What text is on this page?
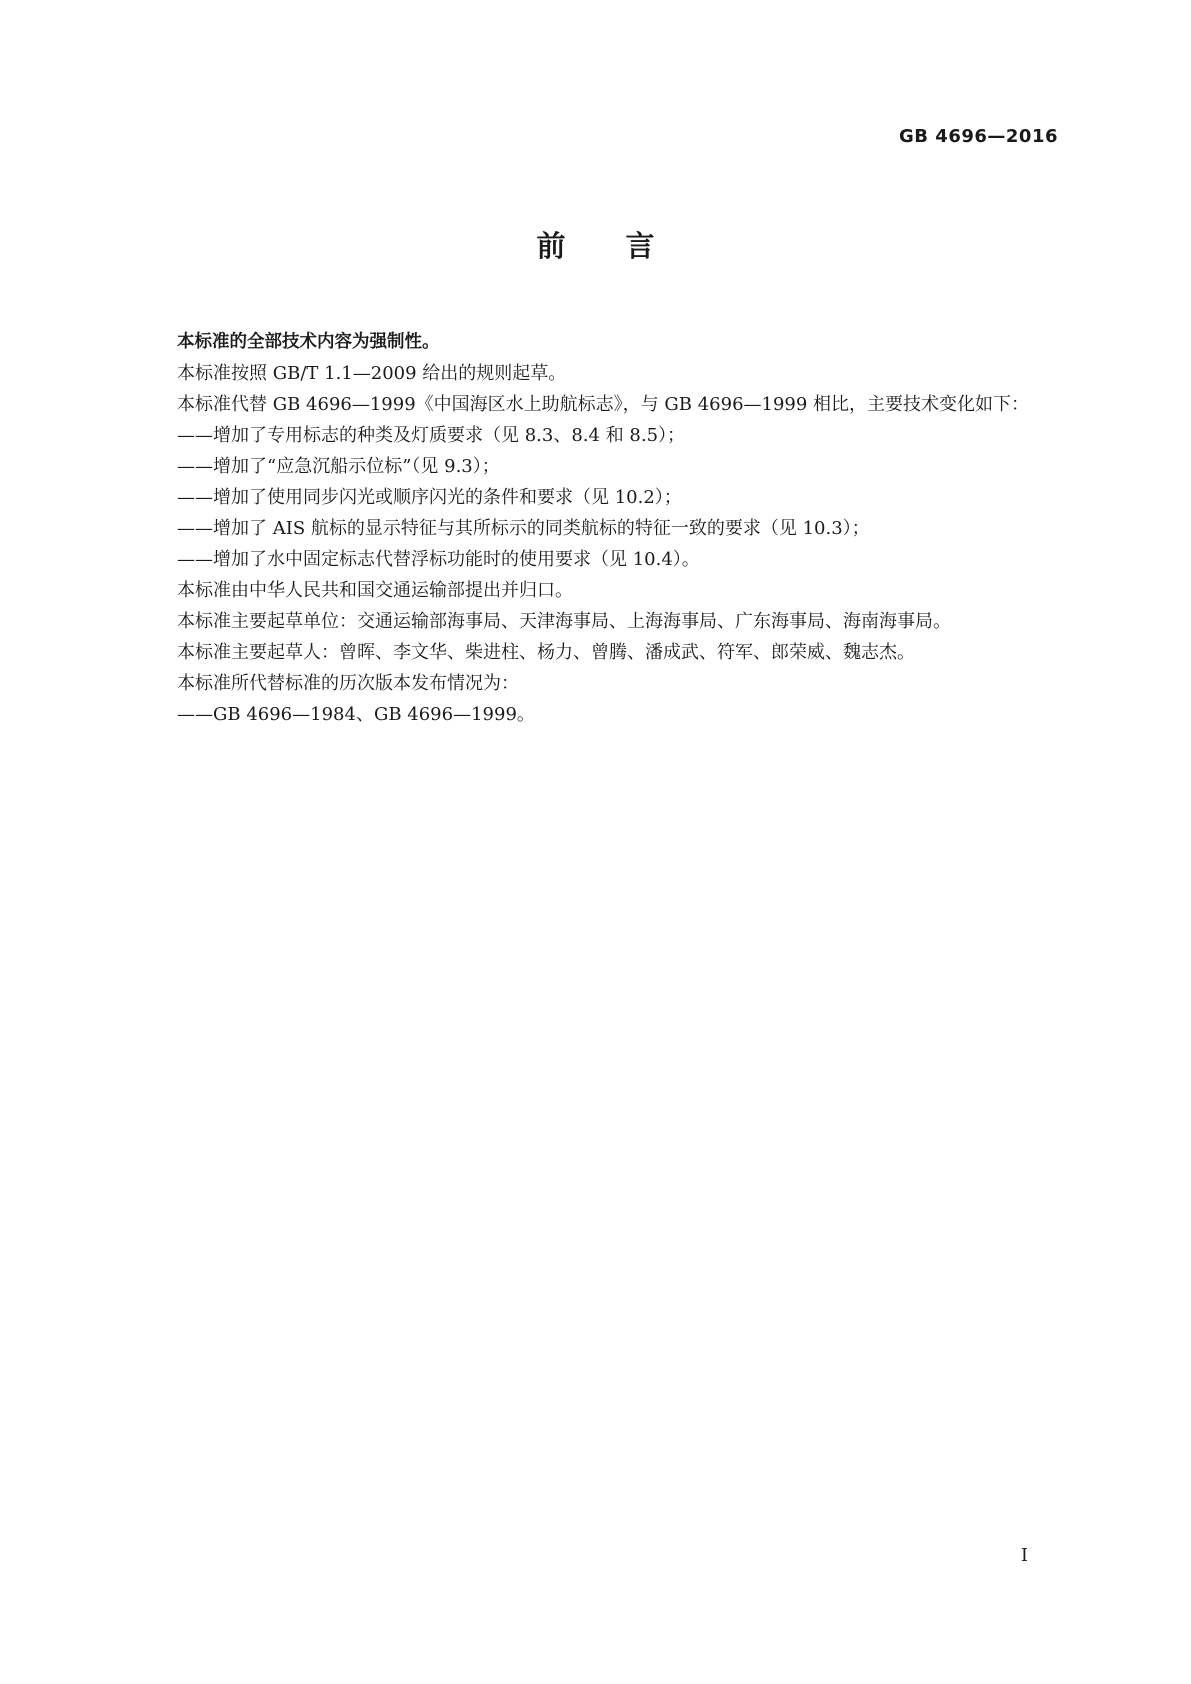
GB 4696—2016
前言

本标准的全部技术内容为强制性。

本标准按照 GB/T 1.1—2009 给出的规则起草。

本标准代替 GB 4696—1999《中国海区水上助航标志》，与 GB 4696—1999 相比，主要技术变化如下：

——增加了专用标志的种类及灯质要求（见 8.3、8.4 和 8.5）；

——增加了“应急沉船示位标”（见 9.3）；

——增加了使用同步闪光或顺序闪光的条件和要求（见 10.2）；

——增加了 AIS 航标的显示特征与其所标示的同类航标的特征一致的要求（见 10.3）；

——增加了水中固定标志代替浮标功能时的使用要求（见 10.4）。

本标准由中华人民共和国交通运输部提出并归口。

本标准主要起草单位：交通运输部海事局、天津海事局、上海海事局、广东海事局、海南海事局。

本标准主要起草人：曾晖、李文华、柴进柱、杨力、曾腾、潘成武、符军、郎荣威、魏志杰。

本标准所代替标准的历次版本发布情况为：

——GB 4696—1984、GB 4696—1999。

I
